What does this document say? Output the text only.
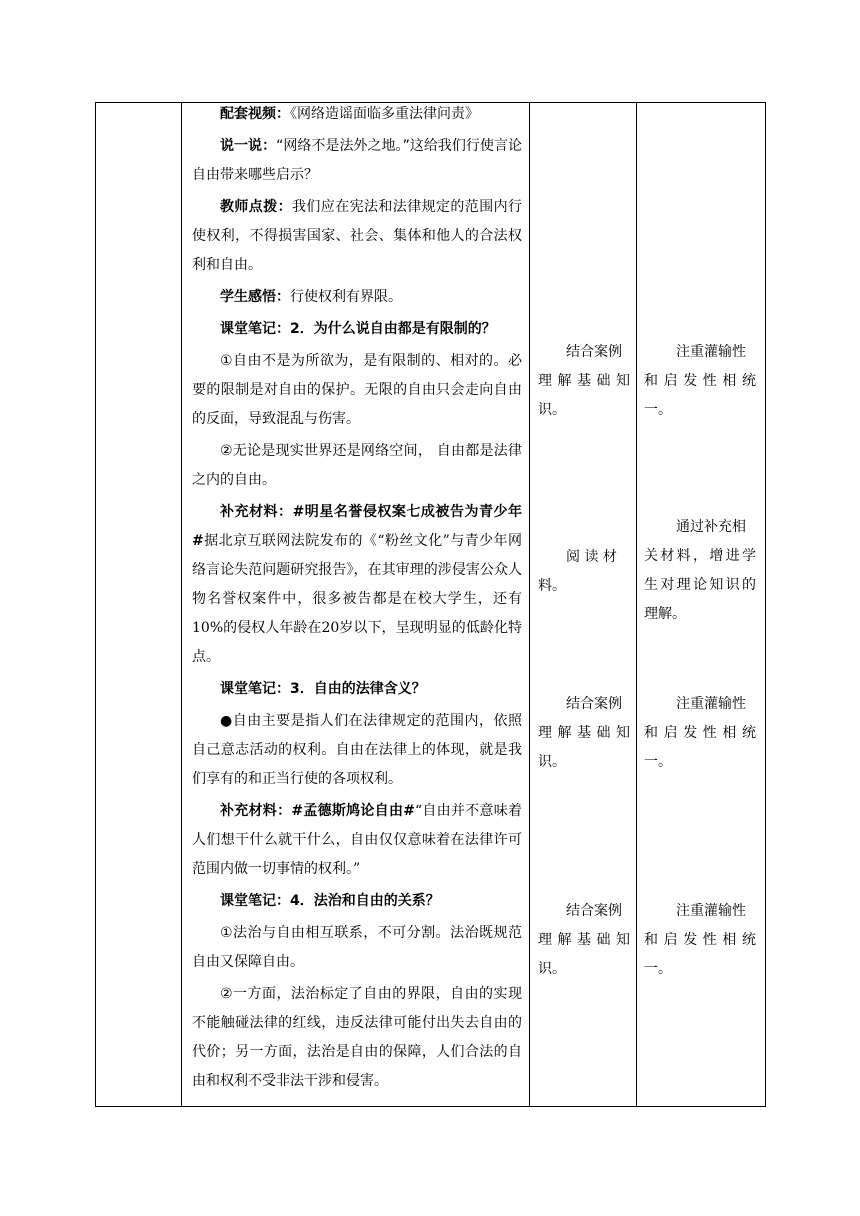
配套视频：《网络造谣面临多重法律问责》

说一说：“网络不是法外之地。”这给我们行使言论自由带来哪些启示？

教师点拨：我们应在宪法和法律规定的范围内行使权利，不得损害国家、社会、集体和他人的合法权利和自由。

学生感悟：行使权利有界限。

课堂笔记：2．为什么说自由都是有限制的？

①自由不是为所欲为，是有限制的、相对的。必要的限制是对自由的保护。无限的自由只会走向自由的反面，导致混乱与伤害。

②无论是现实世界还是网络空间， 自由都是法律之内的自由。

补充材料：#明星名誉侵权案七成被告为青少年#据北京互联网法院发布的《“粉丝文化”与青少年网络言论失范问题研究报告》，在其审理的涉侵害公众人物名誉权案件中，很多被告都是在校大学生，还有10%的侵权人年龄在20岁以下，呈现明显的低龄化特点。

课堂笔记：3．自由的法律含义？

●自由主要是指人们在法律规定的范围内，依照自己意志活动的权利。自由在法律上的体现，就是我们享有的和正当行使的各项权利。

补充材料：#孟德斯鸠论自由#“自由并不意味着人们想干什么就干什么，自由仅仅意味着在法律许可范围内做一切事情的权利。”

课堂笔记：4．法治和自由的关系？

①法治与自由相互联系，不可分割。法治既规范自由又保障自由。

②一方面，法治标定了自由的界限，自由的实现不能触碰法律的红线，违反法律可能付出失去自由的代价；另一方面，法治是自由的保障，人们合法的自由和权利不受非法干涉和侵害。

结合案例
理 解 基 础 知
识。
阅 读 材
料。
结合案例
理 解 基 础 知
识。
结合案例
理 解 基 础 知
识。
注重灌输性
和 启 发 性 相 统
一。
通过补充相
关材料，增进学
生对理论知识的
理解。
注重灌输性
和 启 发 性 相 统
一。
注重灌输性
和 启 发 性 相 统
一。
